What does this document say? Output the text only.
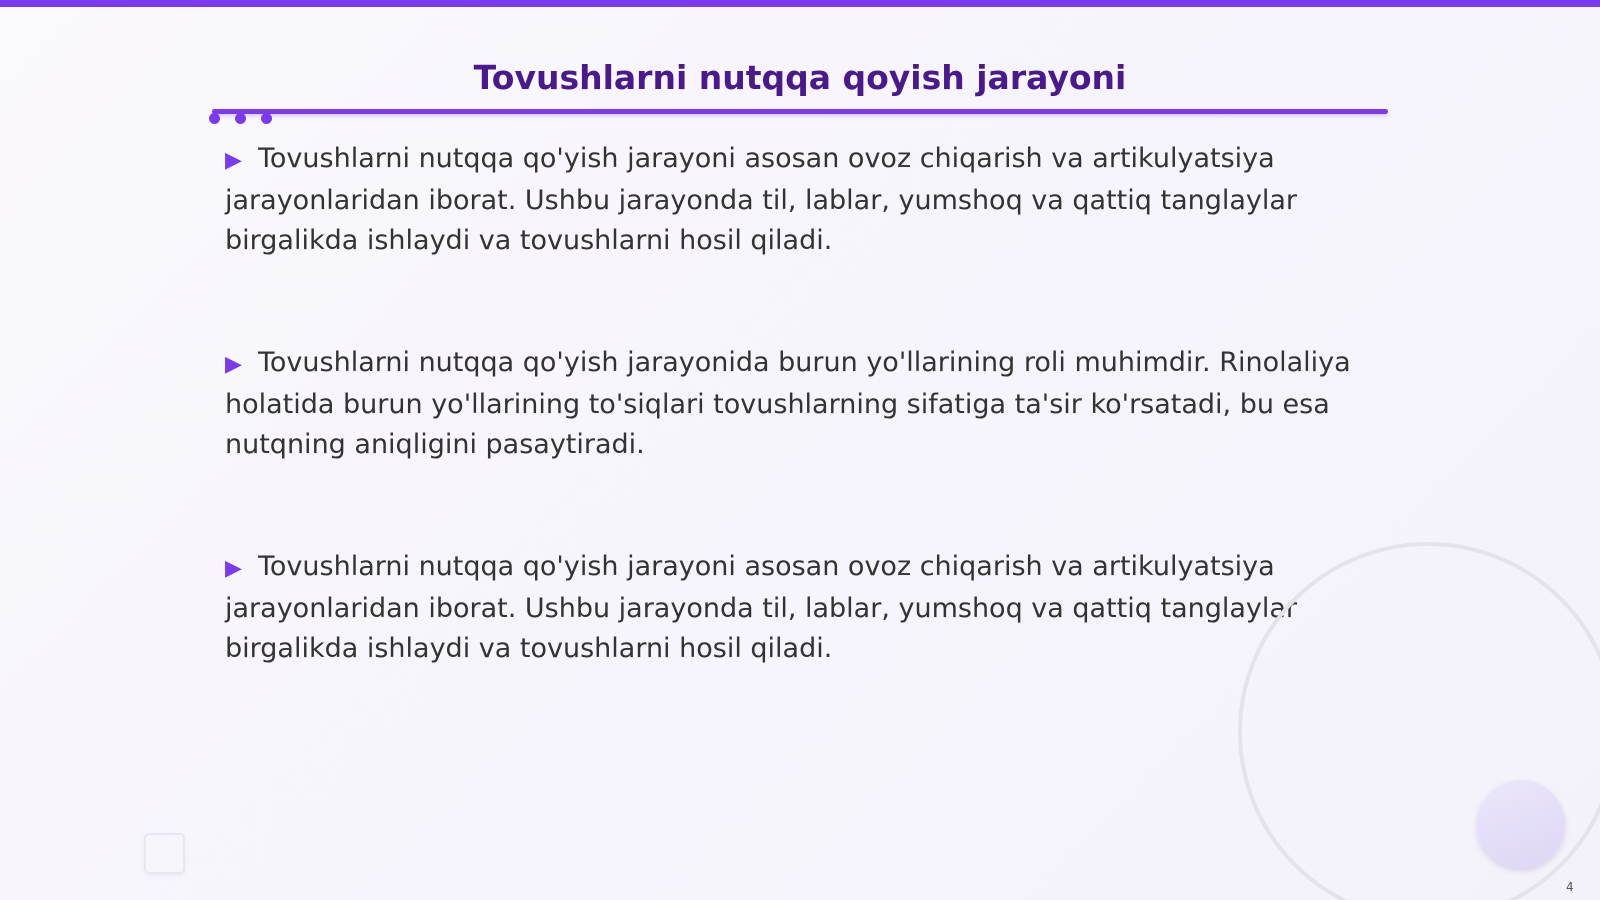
Tovushlarni nutqqa qoyish jarayoni

▶ Tovushlarni nutqqa qo'yish jarayoni asosan ovoz chiqarish va artikulyatsiya jarayonlaridan iborat. Ushbu jarayonda til, lablar, yumshoq va qattiq tanglaylar birgalikda ishlaydi va tovushlarni hosil qiladi.

▶ Tovushlarni nutqqa qo'yish jarayonida burun yo'llarining roli muhimdir. Rinolaliya holatida burun yo'llarining to'siqlari tovushlarning sifatiga ta'sir ko'rsatadi, bu esa nutqning aniqligini pasaytiradi.

▶ Tovushlarni nutqqa qo'yish jarayoni asosan ovoz chiqarish va artikulyatsiya jarayonlaridan iborat. Ushbu jarayonda til, lablar, yumshoq va qattiq tanglaylar birgalikda ishlaydi va tovushlarni hosil qiladi.

4
